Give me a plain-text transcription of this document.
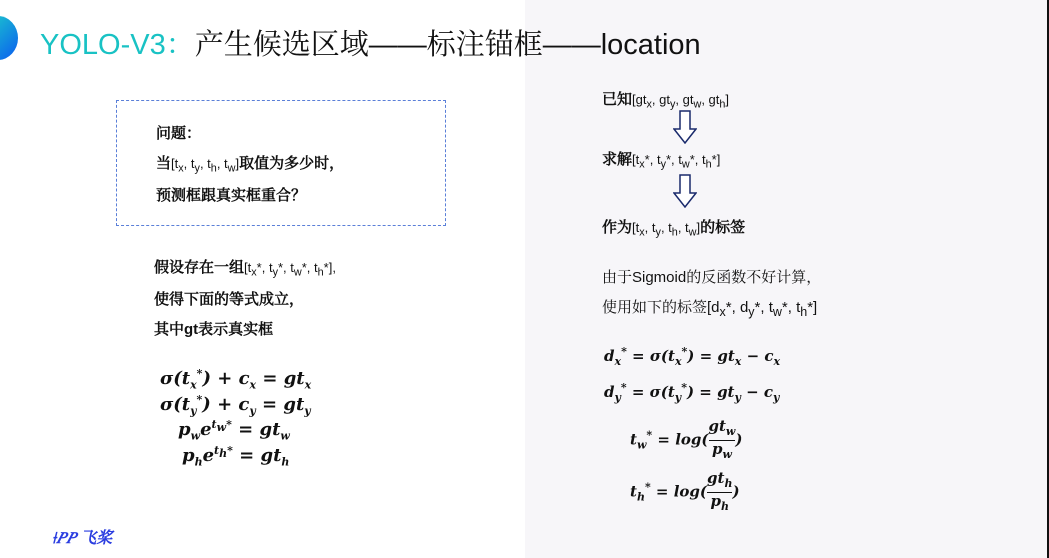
YOLO-V3：产生候选区域——标注锚框——location
问题：
当[$t_x$, $t_y$, $t_h$, $t_w$]取值为多少时，
预测框跟真实框重合？
假设存在一组[$t_x*$, $t_y*$, $t_w*$, $t_h*$],
使得下面的等式成立，
其中gt表示真实框
$\sigma(t_x^*) + c_x = gt_x$
$\sigma(t_y^*) + c_y = gt_y$
$p_we^{t_w*} = gt_w$
$p_he^{t_h*} = gt_h$
已知[$gt_x$, $gt_y$, $gt_w$, $gt_h$]
求解[$t_x*$, $t_y*$, $t_w*$, $t_h*$]
作为[$t_x$, $t_y$, $t_h$, $t_w$]的标签
由于Sigmoid的反函数不好计算，
使用如下的标签[$d_x*$, $d_y*$, $t_w*$, $t_h*$]
$d_x^* = \sigma(t_x^*) = gt_x - c_x$
$d_y^* = \sigma(t_y^*) = gt_y - c_y$
$t_w^* = \log( \frac{gt_w}{p_w}$ )
$t_h^* = \log( \frac{gt_h}{p_h}$ )
⟊𝑃𝑃 飞桨
